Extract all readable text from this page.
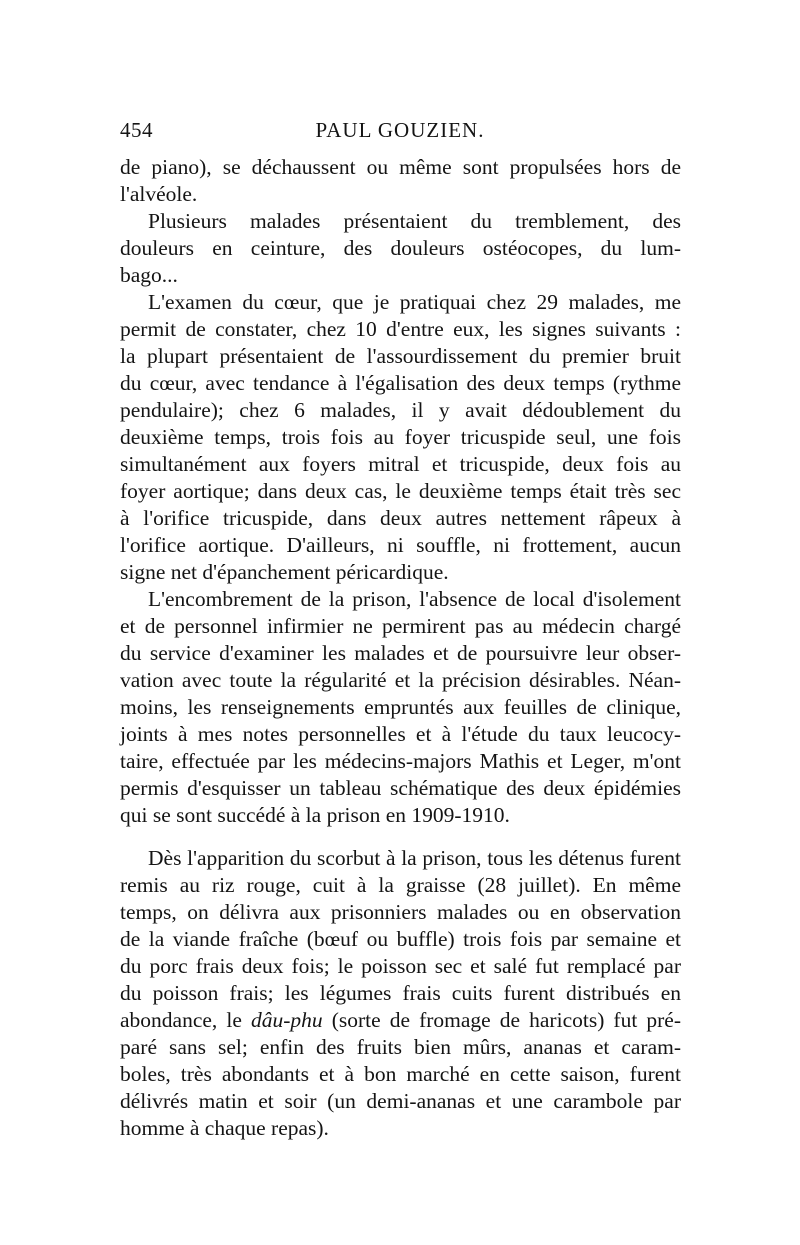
454	PAUL GOUZIEN.
de piano), se déchaussent ou même sont propulsées hors de
l'alvéole.
Plusieurs malades présentaient du tremblement, des
douleurs en ceinture, des douleurs ostéocopes, du lum-
bago...
L'examen du cœur, que je pratiquai chez 29 malades, me
permit de constater, chez 10 d'entre eux, les signes suivants :
la plupart présentaient de l'assourdissement du premier bruit
du cœur, avec tendance à l'égalisation des deux temps (rythme
pendulaire); chez 6 malades, il y avait dédoublement du
deuxième temps, trois fois au foyer tricuspide seul, une fois
simultanément aux foyers mitral et tricuspide, deux fois au
foyer aortique; dans deux cas, le deuxième temps était très sec
à l'orifice tricuspide, dans deux autres nettement râpeux à
l'orifice aortique. D'ailleurs, ni souffle, ni frottement, aucun
signe net d'épanchement péricardique.
L'encombrement de la prison, l'absence de local d'isolement
et de personnel infirmier ne permirent pas au médecin chargé
du service d'examiner les malades et de poursuivre leur obser-
vation avec toute la régularité et la précision désirables. Néan-
moins, les renseignements empruntés aux feuilles de clinique,
joints à mes notes personnelles et à l'étude du taux leucocy-
taire, effectuée par les médecins-majors Mathis et Leger, m'ont
permis d'esquisser un tableau schématique des deux épidémies
qui se sont succédé à la prison en 1909-1910.
Dès l'apparition du scorbut à la prison, tous les détenus furent
remis au riz rouge, cuit à la graisse (28 juillet). En même
temps, on délivra aux prisonniers malades ou en observation
de la viande fraîche (bœuf ou buffle) trois fois par semaine et
du porc frais deux fois; le poisson sec et salé fut remplacé par
du poisson frais; les légumes frais cuits furent distribués en
abondance, le dâu-phu (sorte de fromage de haricots) fut pré-
paré sans sel; enfin des fruits bien mûrs, ananas et caram-
boles, très abondants et à bon marché en cette saison, furent
délivrés matin et soir (un demi-ananas et une carambole par
homme à chaque repas).
